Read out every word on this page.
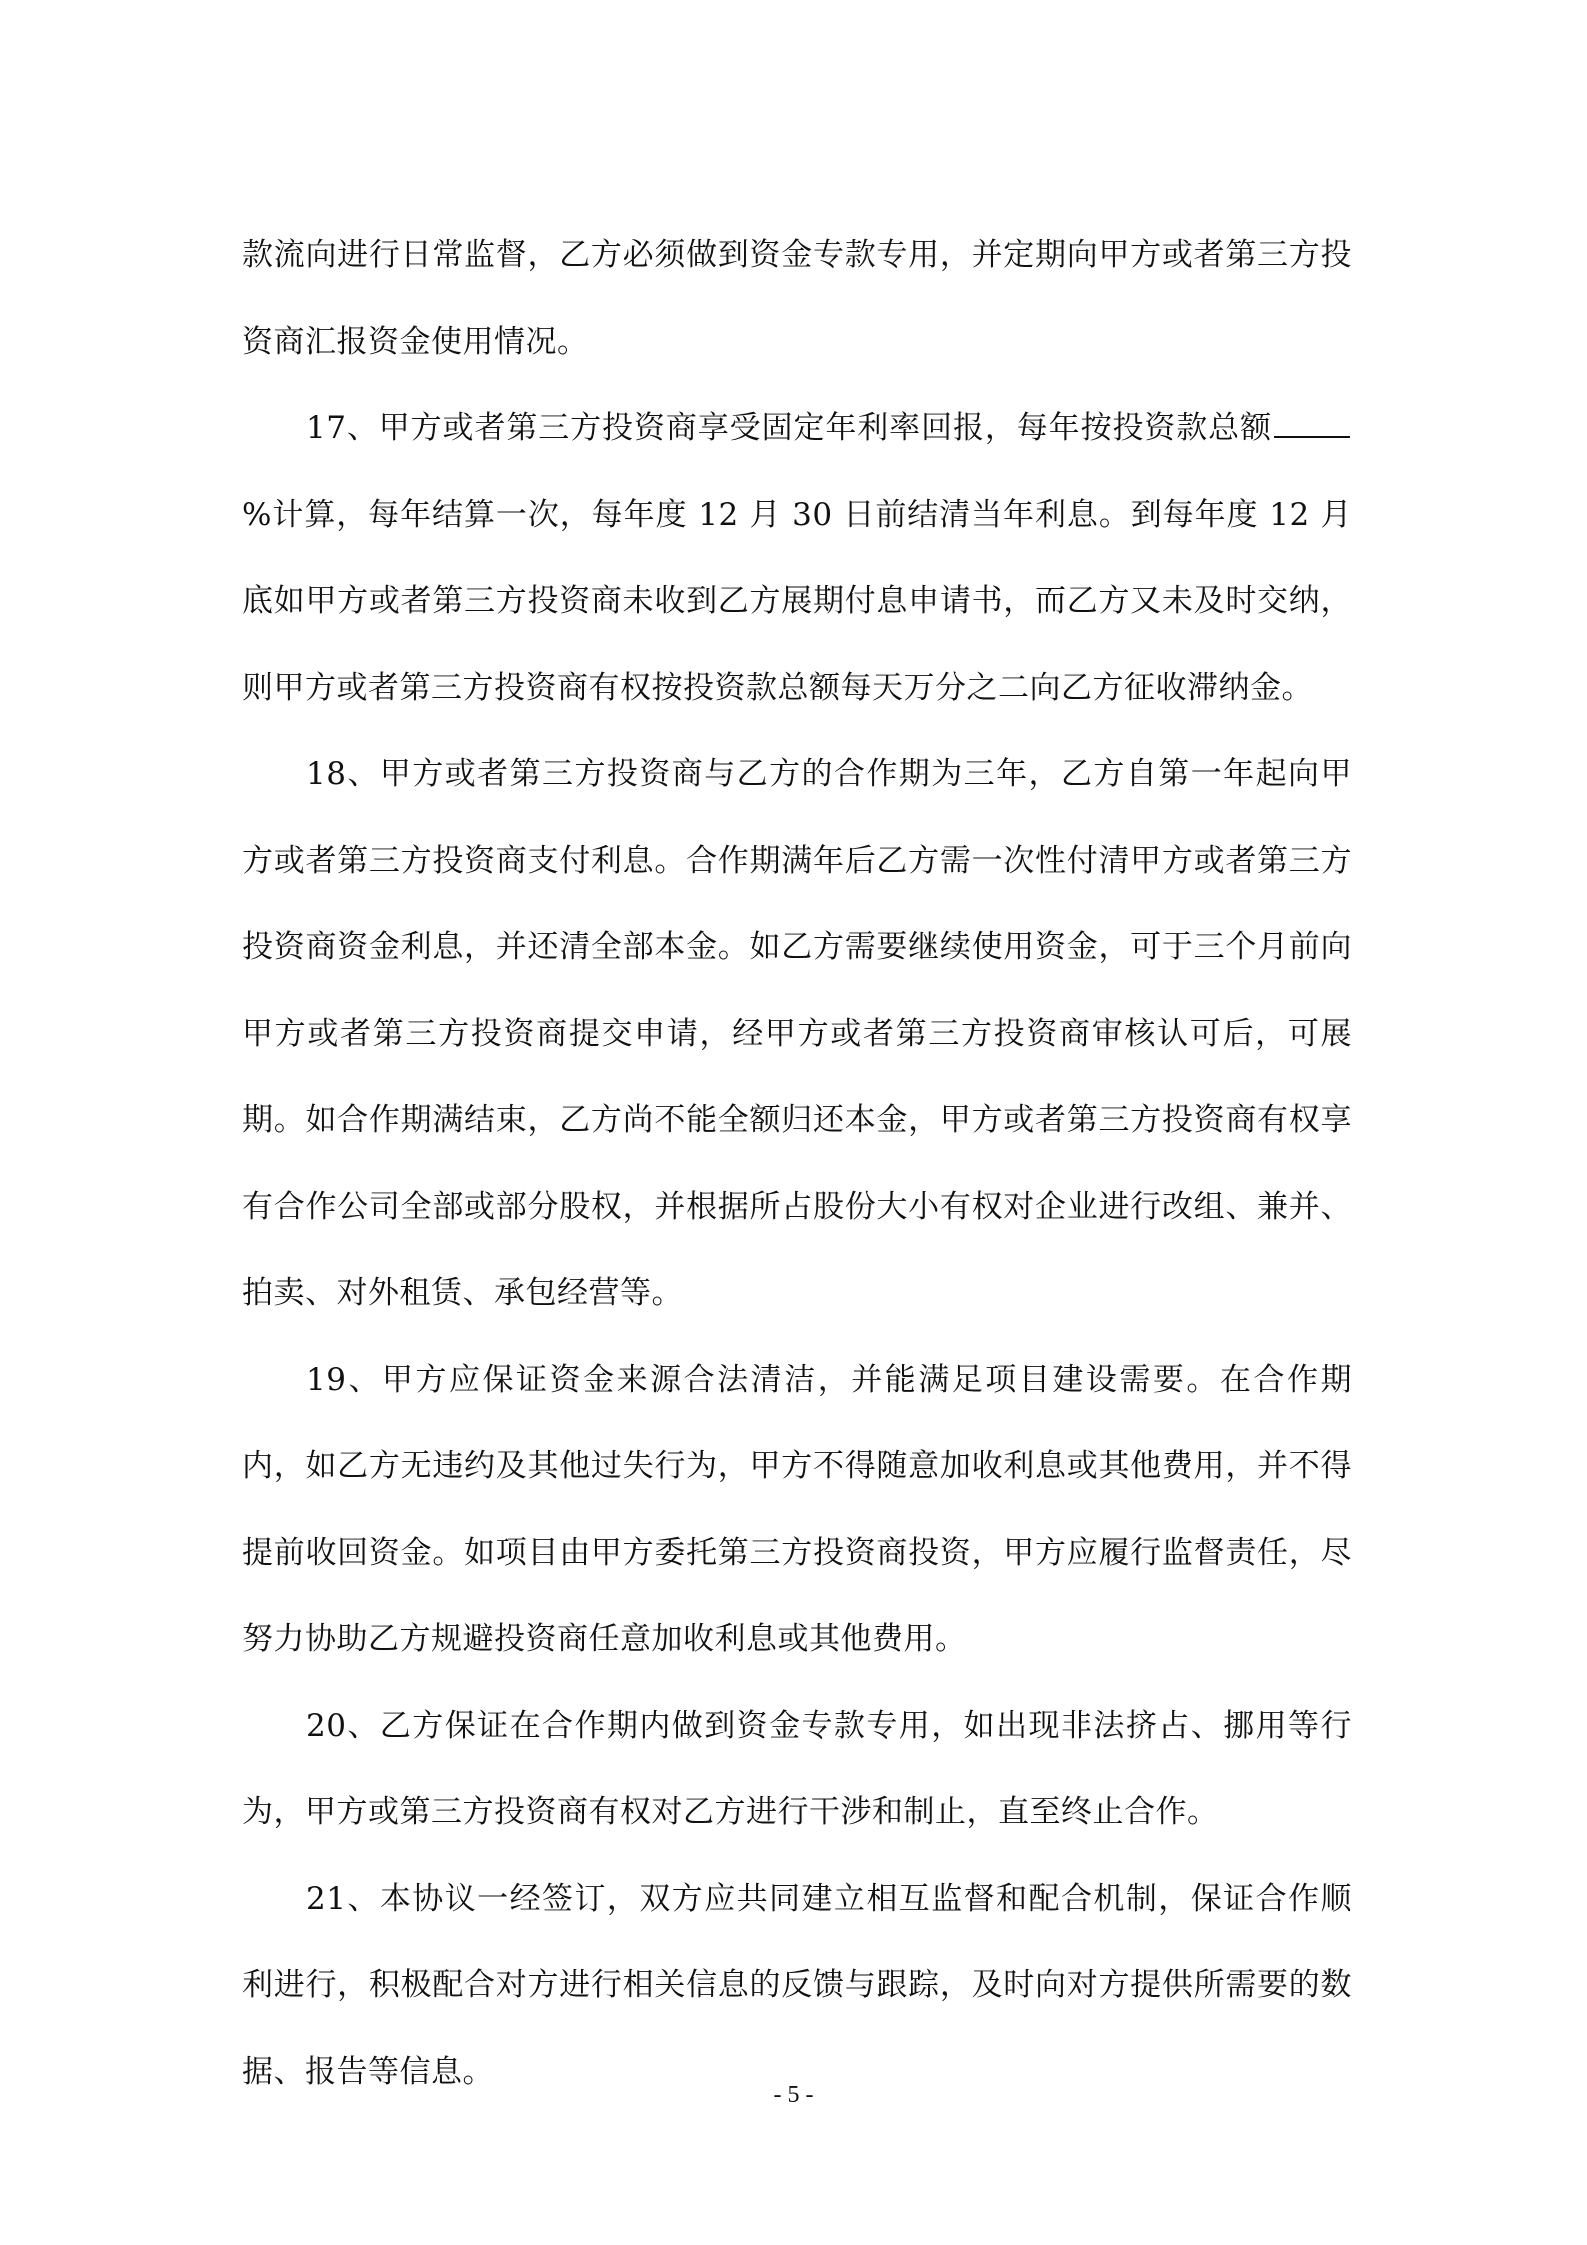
款流向进行日常监督，乙方必须做到资金专款专用，并定期向甲方或者第三方投资商汇报资金使用情况。

17、甲方或者第三方投资商享受固定年利率回报，每年按投资款总额%计算，每年结算一次，每年度 12 月 30 日前结清当年利息。到每年度 12 月底如甲方或者第三方投资商未收到乙方展期付息申请书，而乙方又未及时交纳，则甲方或者第三方投资商有权按投资款总额每天万分之二向乙方征收滞纳金。

18、甲方或者第三方投资商与乙方的合作期为三年，乙方自第一年起向甲方或者第三方投资商支付利息。合作期满年后乙方需一次性付清甲方或者第三方投资商资金利息，并还清全部本金。如乙方需要继续使用资金，可于三个月前向甲方或者第三方投资商提交申请，经甲方或者第三方投资商审核认可后，可展期。如合作期满结束，乙方尚不能全额归还本金，甲方或者第三方投资商有权享有合作公司全部或部分股权，并根据所占股份大小有权对企业进行改组、兼并、拍卖、对外租赁、承包经营等。

19、甲方应保证资金来源合法清洁，并能满足项目建设需要。在合作期内，如乙方无违约及其他过失行为，甲方不得随意加收利息或其他费用，并不得提前收回资金。如项目由甲方委托第三方投资商投资，甲方应履行监督责任，尽努力协助乙方规避投资商任意加收利息或其他费用。

20、乙方保证在合作期内做到资金专款专用，如出现非法挤占、挪用等行为，甲方或第三方投资商有权对乙方进行干涉和制止，直至终止合作。

21、本协议一经签订，双方应共同建立相互监督和配合机制，保证合作顺利进行，积极配合对方进行相关信息的反馈与跟踪，及时向对方提供所需要的数据、报告等信息。

- 5 -
